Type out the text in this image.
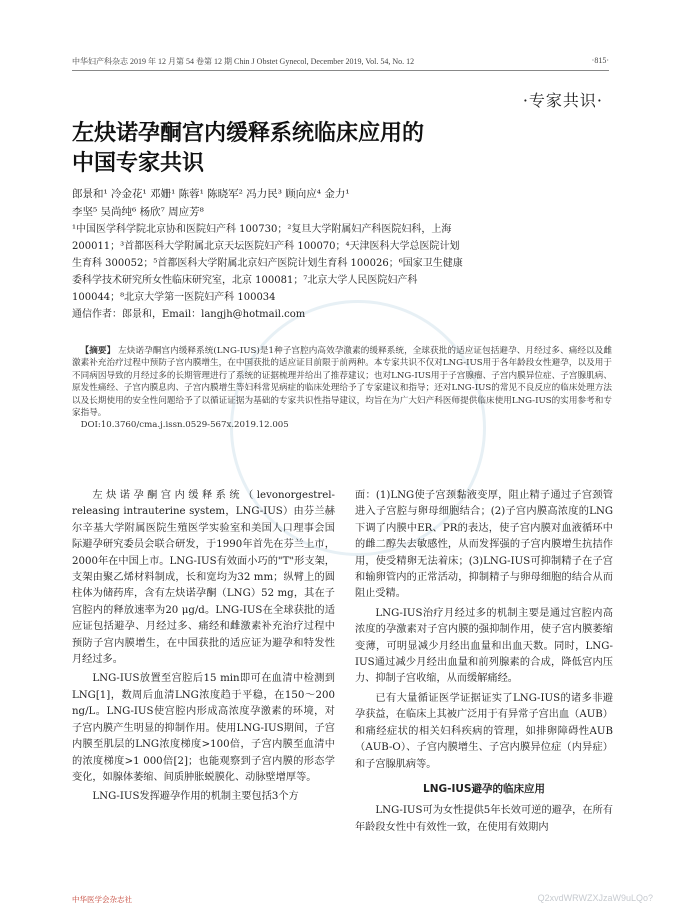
中华妇产科杂志 2019 年 12 月第 54 卷第 12 期 Chin J Obstet Gynecol, December 2019, Vol. 54, No. 12	·815·
·专家共识·
左炔诺孕酮宫内缓释系统临床应用的
中国专家共识
郎景和¹ 冷金花¹ 邓姗¹ 陈蓉¹ 陈晓军² 冯力民³ 顾向应⁴ 金力¹
李坚⁵ 吴尚纯⁶ 杨欣⁷ 周应芳⁸
¹中国医学科学院北京协和医院妇产科 100730；²复旦大学附属妇产科医院妇科，上海
200011；³首都医科大学附属北京天坛医院妇产科 100070；⁴天津医科大学总医院计划
生育科 300052；⁵首都医科大学附属北京妇产医院计划生育科 100026；⁶国家卫生健康
委科学技术研究所女性临床研究室，北京 100081；⁷北京大学人民医院妇产科
100044；⁸北京大学第一医院妇产科 100034
通信作者：郎景和，Email：langjh@hotmail.com
【摘要】 左炔诺孕酮宫内缓释系统(LNG-IUS)是1种子宫腔内高效孕激素的缓释系统，全球获批的适应证包括避孕、月经过多、痛经以及雌激素补充治疗过程中预防子宫内膜增生，在中国获批的适应证目前限于前两种。本专家共识不仅对LNG-IUS用于各年龄段女性避孕，以及用于不同病因导致的月经过多的长期管理进行了系统的证据梳理并给出了推荐建议；也对LNG-IUS用于子宫腺瘤、子宫内膜异位症、子宫腺肌病、原发性痛经、子宫内膜息肉、子宫内膜增生等妇科常见病症的临床处理给予了专家建议和指导；还对LNG-IUS的常见不良反应的临床处理方法以及长期使用的安全性问题给予了以循证证据为基础的专家共识性指导建议，均旨在为广大妇产科医师提供临床使用LNG-IUS的实用参考和专家指导。
DOI:10.3760/cma.j.issn.0529-567x.2019.12.005

左炔诺孕酮宫内缓释系统（levonorgestrel-releasing intrauterine system，LNG-IUS）由芬兰赫尔辛基大学附属医院生殖医学实验室和美国人口理事会国际避孕研究委员会联合研发，于1990年首先在芬兰上市，2000年在中国上市。LNG-IUS有效面小巧的"T"形支架，支架由聚乙烯材料制成，长和宽均为32 mm；纵臂上的圆柱体为储药库，含有左炔诺孕酮（LNG）52 mg，其在子宫腔内的释放速率为20 μg/d。LNG-IUS在全球获批的适应证包括避孕、月经过多、痛经和雌激素补充治疗过程中预防子宫内膜增生，在中国获批的适应证为避孕和特发性月经过多。

LNG-IUS放置至宫腔后15 min即可在血清中检测到LNG[1]，数周后血清LNG浓度趋于平稳，在150～200 ng/L。LNG-IUS使宫腔内形成高浓度孕激素的环境，对子宫内膜产生明显的抑制作用。使用LNG-IUS期间，子宫内膜至肌层的LNG浓度梯度>100倍，子宫内膜至血清中的浓度梯度>1 000倍[2]；也能观察到子宫内膜的形态学变化，如腺体萎缩、间质肿胀蜕膜化、动脉壁增厚等。

LNG-IUS发挥避孕作用的机制主要包括3个方

面：(1)LNG使子宫颈黏液变厚，阻止精子通过子宫颈管进入子宫腔与卵母细胞结合；(2)子宫内膜高浓度的LNG下调了内膜中ER、PR的表达，使子宫内膜对血液循环中的雌二醇失去敏感性，从而发挥强的子宫内膜增生抗拮作用，使受精卵无法着床；(3)LNG-IUS可抑制精子在子宫和输卵管内的正常活动，抑制精子与卵母细胞的结合从而阻止受精。

LNG-IUS治疗月经过多的机制主要是通过宫腔内高浓度的孕激素对子宫内膜的强抑制作用，使子宫内膜萎缩变薄，可明显减少月经出血量和出血天数。同时，LNG-IUS通过减少月经出血量和前列腺素的合成，降低宫内压力、抑制子宫收缩，从而缓解痛经。

已有大量循证医学证据证实了LNG-IUS的诸多非避孕获益，在临床上其被广泛用于有异常子宫出血（AUB）和痛经症状的相关妇科疾病的管理，如排卵障碍性AUB（AUB-O）、子宫内膜增生、子宫内膜异位症（内异症）和子宫腺肌病等。

LNG-IUS避孕的临床应用

LNG-IUS可为女性提供5年长效可逆的避孕，在所有年龄段女性中有效性一致，在使用有效期内

中华医学会杂志社	Q2xvdWRWZXJzaW9uLQo?
